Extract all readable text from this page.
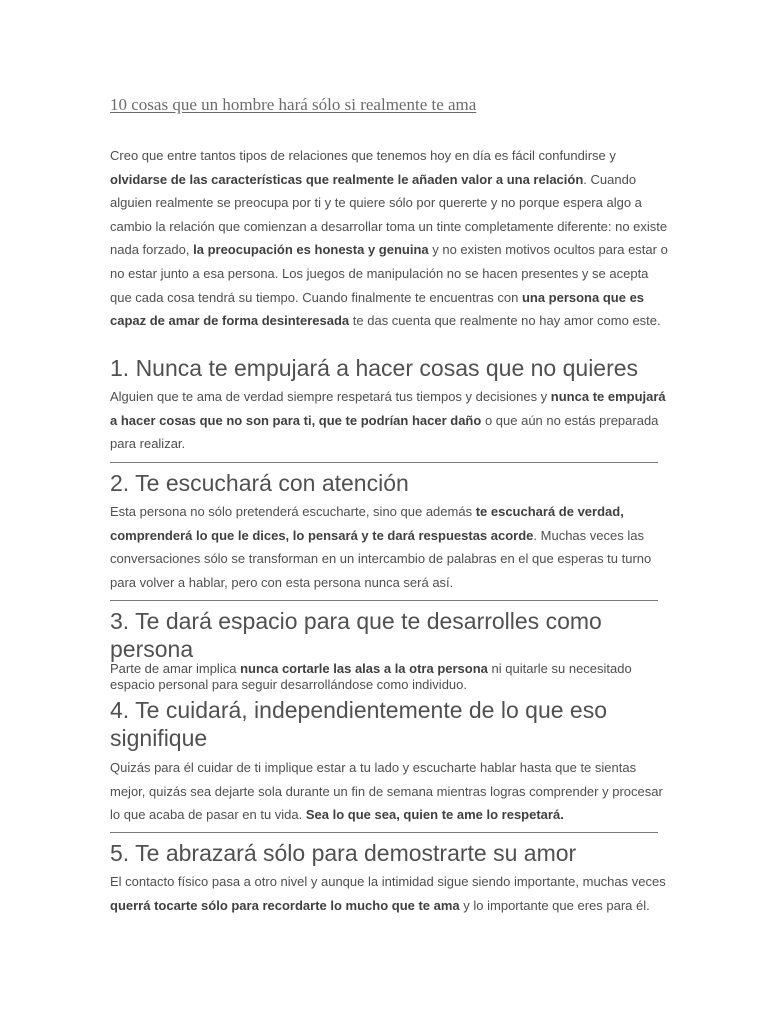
10 cosas que un hombre hará sólo si realmente te ama

Creo que entre tantos tipos de relaciones que tenemos hoy en día es fácil confundirse y olvidarse de las características que realmente le añaden valor a una relación. Cuando alguien realmente se preocupa por ti y te quiere sólo por quererte y no porque espera algo a cambio la relación que comienzan a desarrollar toma un tinte completamente diferente: no existe nada forzado, la preocupación es honesta y genuina y no existen motivos ocultos para estar o no estar junto a esa persona. Los juegos de manipulación no se hacen presentes y se acepta que cada cosa tendrá su tiempo. Cuando finalmente te encuentras con una persona que es capaz de amar de forma desinteresada te das cuenta que realmente no hay amor como este.

1. Nunca te empujará a hacer cosas que no quieres

Alguien que te ama de verdad siempre respetará tus tiempos y decisiones y nunca te empujará a hacer cosas que no son para ti, que te podrían hacer daño o que aún no estás preparada para realizar.

2. Te escuchará con atención

Esta persona no sólo pretenderá escucharte, sino que además te escuchará de verdad, comprenderá lo que le dices, lo pensará y te dará respuestas acorde. Muchas veces las conversaciones sólo se transforman en un intercambio de palabras en el que esperas tu turno para volver a hablar, pero con esta persona nunca será así.

3. Te dará espacio para que te desarrolles como persona

Parte de amar implica nunca cortarle las alas a la otra persona ni quitarle su necesitado espacio personal para seguir desarrollándose como individuo.

4. Te cuidará, independientemente de lo que eso signifique

Quizás para él cuidar de ti implique estar a tu lado y escucharte hablar hasta que te sientas mejor, quizás sea dejarte sola durante un fin de semana mientras logras comprender y procesar lo que acaba de pasar en tu vida. Sea lo que sea, quien te ame lo respetará.

5. Te abrazará sólo para demostrarte su amor

El contacto físico pasa a otro nivel y aunque la intimidad sigue siendo importante, muchas veces querrá tocarte sólo para recordarte lo mucho que te ama y lo importante que eres para él.
